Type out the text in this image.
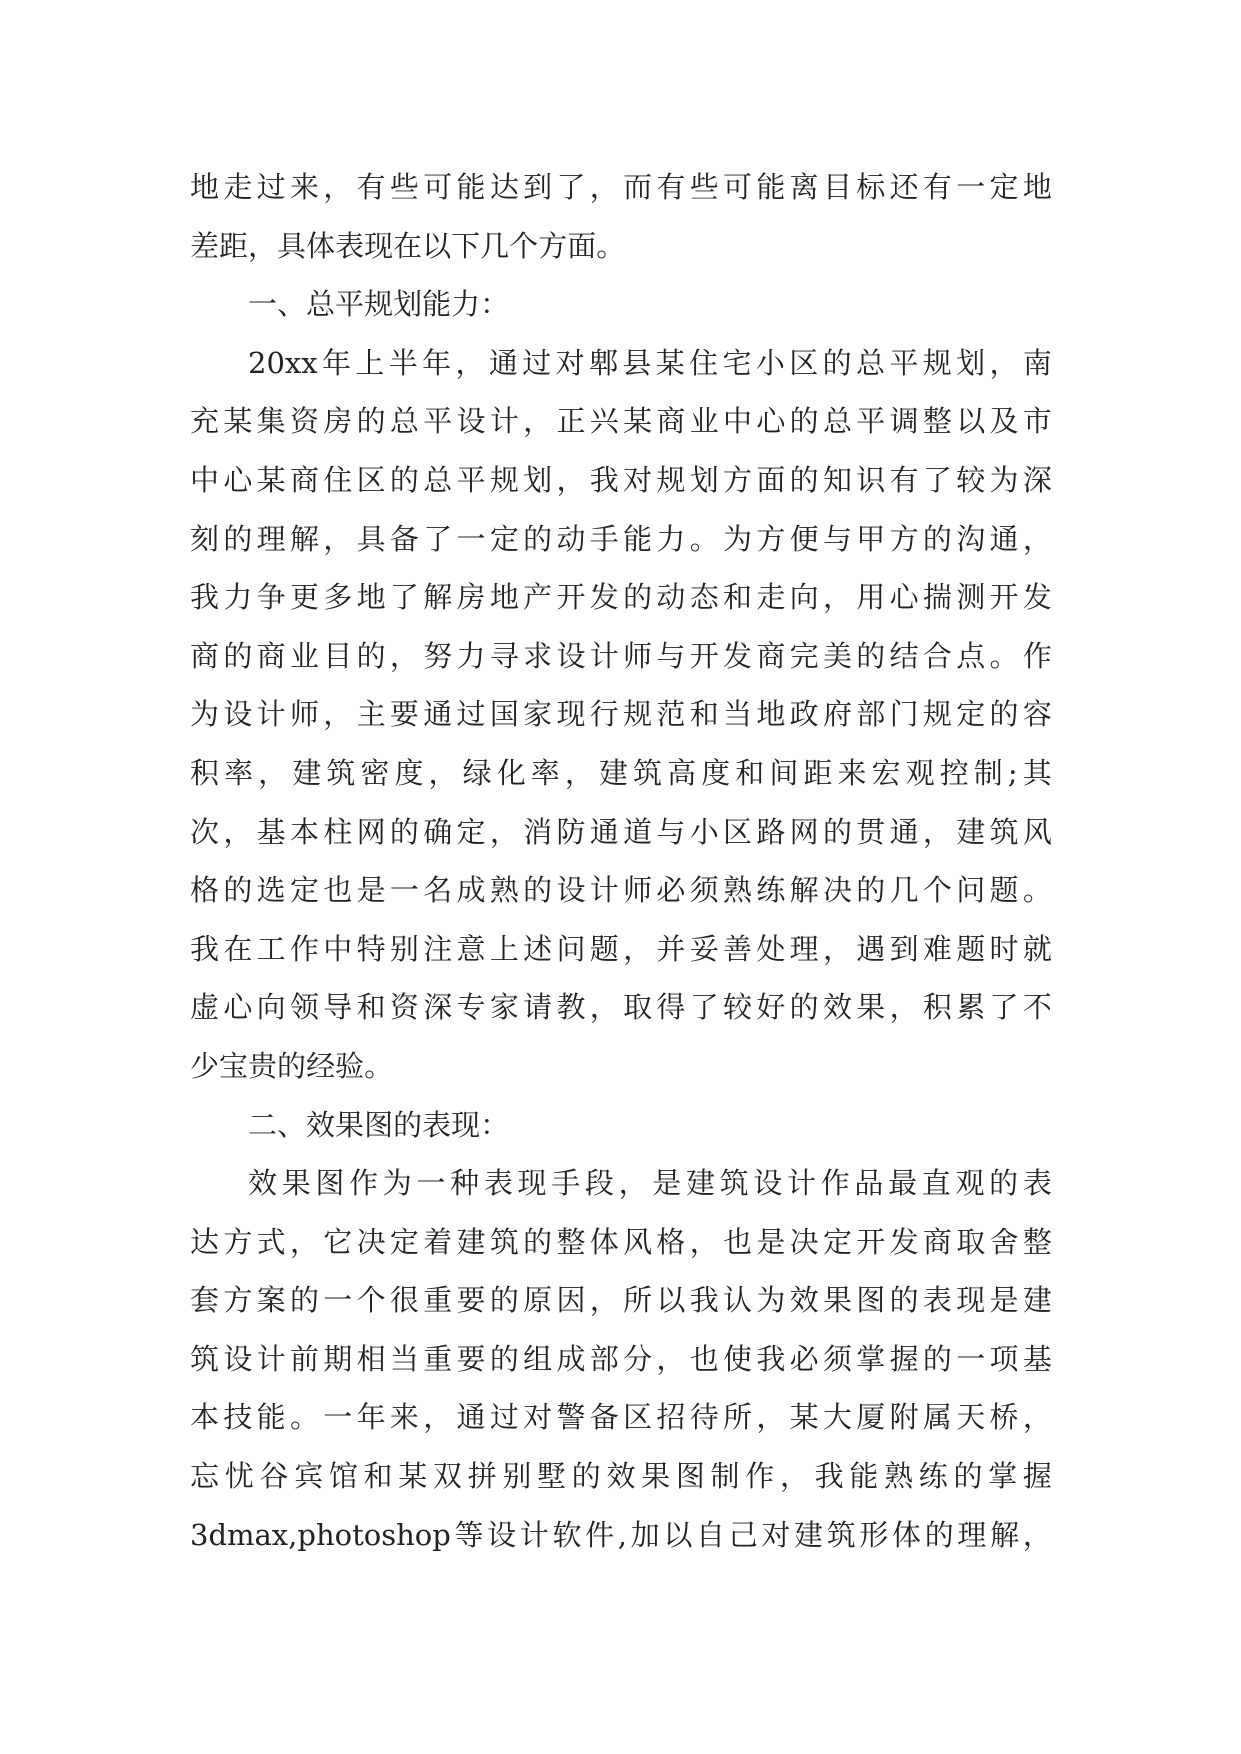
地 走 过 来 ， 有 些 可 能 达 到 了 ， 而 有 些 可 能 离 目 标 还 有 一 定 地
差 距 ， 具 体 表 现 在 以 下 几 个 方 面 。
一 、 总 平 规 划 能 力 ：
20xx 年 上 半 年 ， 通 过 对 郫 县 某 住 宅 小 区 的 总 平 规 划 ， 南
充 某 集 资 房 的 总 平 设 计 ， 正 兴 某 商 业 中 心 的 总 平 调 整 以 及 市
中 心 某 商 住 区 的 总 平 规 划 ， 我 对 规 划 方 面 的 知 识 有 了 较 为 深
刻 的 理 解 ， 具 备 了 一 定 的 动 手 能 力 。 为 方 便 与 甲 方 的 沟 通 ，
我 力 争 更 多 地 了 解 房 地 产 开 发 的 动 态 和 走 向 ， 用 心 揣 测 开 发
商 的 商 业 目 的 ， 努 力 寻 求 设 计 师 与 开 发 商 完 美 的 结 合 点 。 作
为 设 计 师 ， 主 要 通 过 国 家 现 行 规 范 和 当 地 政 府 部 门 规 定 的 容
积 率 ， 建 筑 密 度 ， 绿 化 率 ， 建 筑 高 度 和 间 距 来 宏 观 控 制 ; 其
次 ， 基 本 柱 网 的 确 定 ， 消 防 通 道 与 小 区 路 网 的 贯 通 ， 建 筑 风
格 的 选 定 也 是 一 名 成 熟 的 设 计 师 必 须 熟 练 解 决 的 几 个 问 题 。
我 在 工 作 中 特 别 注 意 上 述 问 题 ， 并 妥 善 处 理 ， 遇 到 难 题 时 就
虚 心 向 领 导 和 资 深 专 家 请 教 ， 取 得 了 较 好 的 效 果 ， 积 累 了 不
少 宝 贵 的 经 验 。
二 、 效 果 图 的 表 现 ：
效 果 图 作 为 一 种 表 现 手 段 ， 是 建 筑 设 计 作 品 最 直 观 的 表
达 方 式 ， 它 决 定 着 建 筑 的 整 体 风 格 ， 也 是 决 定 开 发 商 取 舍 整
套 方 案 的 一 个 很 重 要 的 原 因 ， 所 以 我 认 为 效 果 图 的 表 现 是 建
筑 设 计 前 期 相 当 重 要 的 组 成 部 分 ， 也 使 我 必 须 掌 握 的 一 项 基
本 技 能 。 一 年 来 ， 通 过 对 警 备 区 招 待 所 ， 某 大 厦 附 属 天 桥 ，
忘 忧 谷 宾 馆 和 某 双 拼 别 墅 的 效 果 图 制 作 ， 我 能 熟 练 的 掌 握
3dmax,photoshop 等 设 计 软 件 , 加 以 自 己 对 建 筑 形 体 的 理 解 ，
